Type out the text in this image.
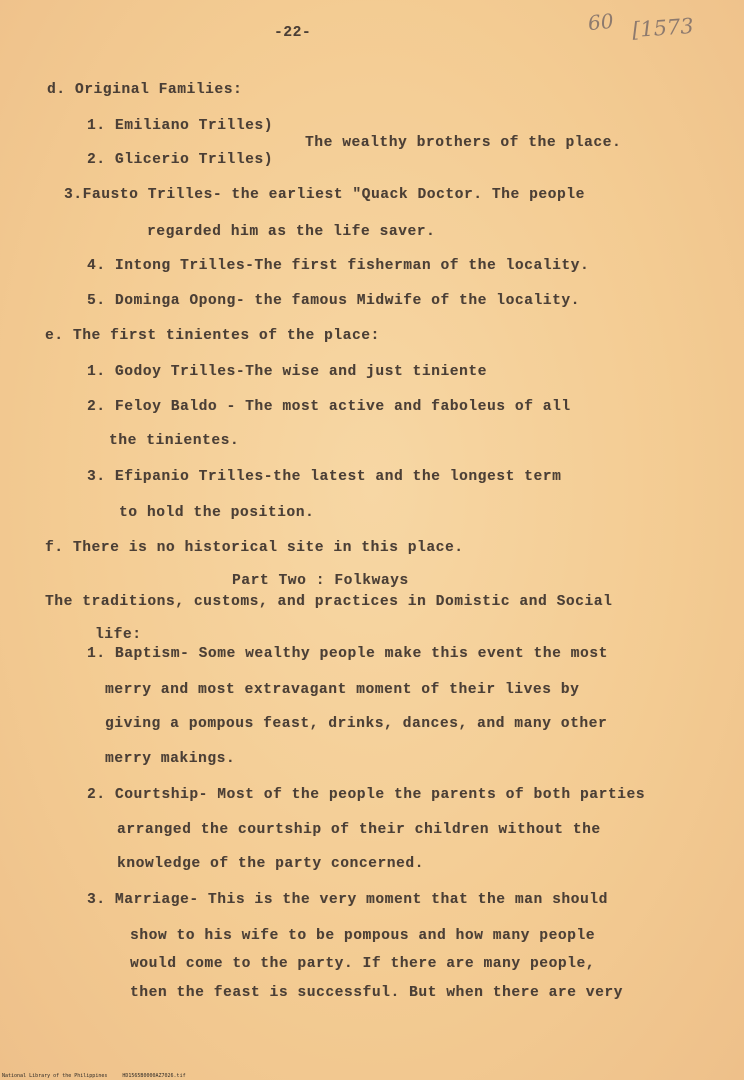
60 [1573
-22-
d. Original Families:
1. Emiliano Trilles)
The wealthy brothers of the place.
2. Glicerio Trilles)
3.Fausto Trilles- the earliest "Quack Doctor. The people
regarded him as the life saver.
4. Intong Trilles-The first fisherman of the locality.
5. Dominga Opong- the famous Midwife of the locality.
e. The first tinientes of the place:
1. Godoy Trilles-The wise and just tiniente
2. Feloy Baldo - The most active and faboleus of all
the tinientes.
3. Efipanio Trilles-the latest and the longest term
to hold the position.
f. There is no historical site in this place.
Part Two : Folkways
The traditions, customs, and practices in Domistic and Social
life:
1. Baptism- Some wealthy people make this event the most
merry and most extravagant moment of their lives by
giving a pompous feast, drinks, dances, and many other
merry makings.
2. Courtship- Most of the people the parents of both parties
arranged the courtship of their children without the
knowledge of the party concerned.
3. Marriage- This is the very moment that the man should
show to his wife to be pompous and how many people
would come to the party. If there are many people,
then the feast is successful. But when there are very
National Library of the Philippines	HD1565B0000AZ7026.tif
